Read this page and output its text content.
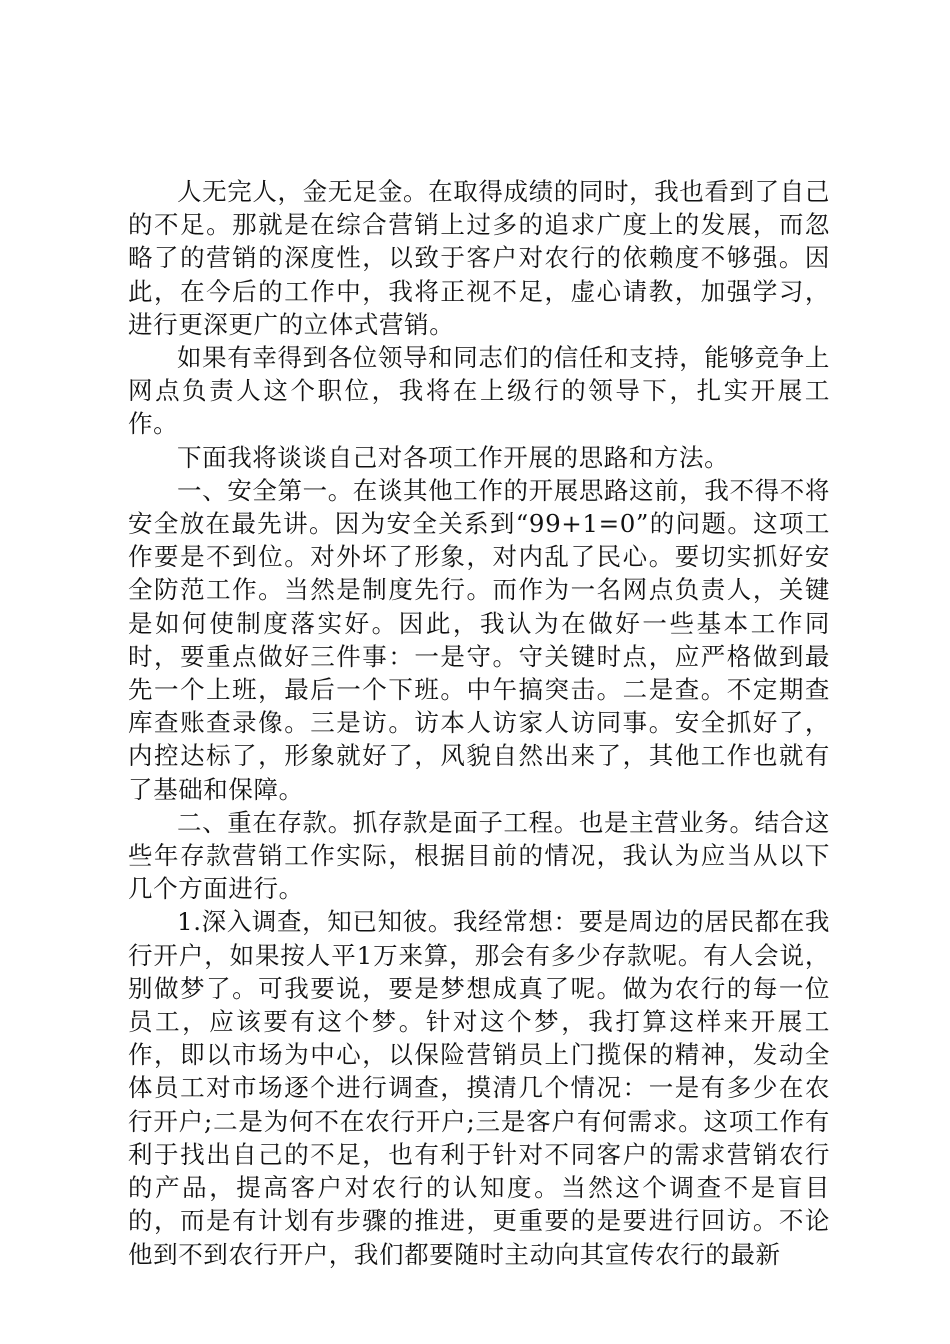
人无完人，金无足金。在取得成绩的同时，我也看到了自己的不足。那就是在综合营销上过多的追求广度上的发展，而忽略了的营销的深度性，以致于客户对农行的依赖度不够强。因此，在今后的工作中，我将正视不足，虚心请教，加强学习，进行更深更广的立体式营销。

如果有幸得到各位领导和同志们的信任和支持，能够竞争上网点负责人这个职位，我将在上级行的领导下，扎实开展工作。

下面我将谈谈自己对各项工作开展的思路和方法。

一、安全第一。在谈其他工作的开展思路这前，我不得不将安全放在最先讲。因为安全关系到“99+1=0”的问题。这项工作要是不到位。对外坏了形象，对内乱了民心。要切实抓好安全防范工作。当然是制度先行。而作为一名网点负责人，关键是如何使制度落实好。因此，我认为在做好一些基本工作同时，要重点做好三件事：一是守。守关键时点，应严格做到最先一个上班，最后一个下班。中午搞突击。二是查。不定期查库查账查录像。三是访。访本人访家人访同事。安全抓好了，内控达标了，形象就好了，风貌自然出来了，其他工作也就有了基础和保障。

二、重在存款。抓存款是面子工程。也是主营业务。结合这些年存款营销工作实际，根据目前的情况，我认为应当从以下几个方面进行。

1.深入调查，知已知彼。我经常想：要是周边的居民都在我行开户，如果按人平1万来算，那会有多少存款呢。有人会说，别做梦了。可我要说，要是梦想成真了呢。做为农行的每一位员工，应该要有这个梦。针对这个梦，我打算这样来开展工作，即以市场为中心，以保险营销员上门揽保的精神，发动全体员工对市场逐个进行调查，摸清几个情况：一是有多少在农行开户;二是为何不在农行开户;三是客户有何需求。这项工作有利于找出自己的不足，也有利于针对不同客户的需求营销农行的产品，提高客户对农行的认知度。当然这个调查不是盲目的，而是有计划有步骤的推进，更重要的是要进行回访。不论他到不到农行开户，我们都要随时主动向其宣传农行的最新
